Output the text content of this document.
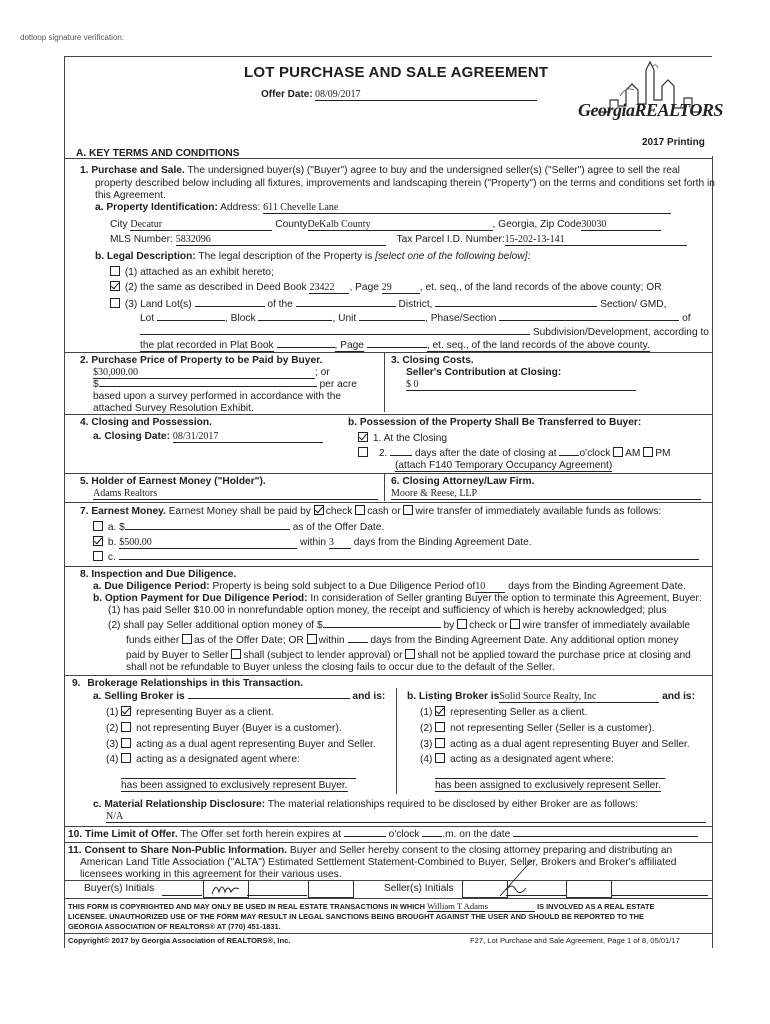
dotloop signature verification:
LOT PURCHASE AND SALE AGREEMENT
Offer Date: 08/09/2017
GeorgiaREALTORS
2017 Printing
A. KEY TERMS AND CONDITIONS
1. Purchase and Sale. The undersigned buyer(s) ("Buyer") agree to buy and the undersigned seller(s) ("Seller") agree to sell the real
property described below including all fixtures, improvements and landscaping therein ("Property") on the terms and conditions set forth in
this Agreement.
a. Property Identification: Address: 611 Chevelle Lane
City Decatur	CountyDeKalb County	, Georgia, Zip Code30030
MLS Number: 5832096	Tax Parcel I.D. Number:15-202-13-141
b. Legal Description: The legal description of the Property is [select one of the following below]:
(1) attached as an exhibit hereto;
(2) the same as described in Deed Book 23422 , Page 29	, et. seq., of the land records of the above county; OR
(3) Land Lot(s)	of the	District,	Section/ GMD,
Lot	, Block	, Unit	, Phase/Section	of
Subdivision/Development, according to
the plat recorded in Plat Book	, Page	, et. seq., of the land records of the above county.
2. Purchase Price of Property to be Paid by Buyer.
$30,000.00	; or
$	per acre
based upon a survey performed in accordance with the
attached Survey Resolution Exhibit.
3. Closing Costs.
Seller's Contribution at Closing:
$ 0
4. Closing and Possession.
a. Closing Date: 08/31/2017
b. Possession of the Property Shall Be Transferred to Buyer:
1. At the Closing
2.	days after the date of closing at o'clock AM PM
(attach F140 Temporary Occupancy Agreement)
5. Holder of Earnest Money ("Holder").
Adams Realtors
6. Closing Attorney/Law Firm.
Moore & Reese, LLP
7. Earnest Money. Earnest Money shall be paid by check cash or wire transfer of immediately available funds as follows:
a. $	as of the Offer Date.
b. $500.00	within 3 days from the Binding Agreement Date.
c.
8. Inspection and Due Diligence.
a. Due Diligence Period: Property is being sold subject to a Due Diligence Period of10 days from the Binding Agreement Date.
b. Option Payment for Due Diligence Period: In consideration of Seller granting Buyer the option to terminate this Agreement, Buyer:
(1) has paid Seller $10.00 in nonrefundable option money, the receipt and sufficiency of which is hereby acknowledged; plus
(2) shall pay Seller additional option money of $	by check or wire transfer of immediately available
funds either as of the Offer Date; OR within	days from the Binding Agreement Date. Any additional option money
paid by Buyer to Seller shall (subject to lender approval) or shall not be applied toward the purchase price at closing and
shall not be refundable to Buyer unless the closing fails to occur due to the default of the Seller.
9. Brokerage Relationships in this Transaction.
a. Selling Broker is	and is:
(1) representing Buyer as a client.
(2) not representing Buyer (Buyer is a customer).
(3) acting as a dual agent representing Buyer and Seller.
(4) acting as a designated agent where:
has been assigned to exclusively represent Buyer.
b. Listing Broker isSolid Source Realty, Inc	and is:
(1) representing Seller as a client.
(2) not representing Seller (Seller is a customer).
(3) acting as a dual agent representing Buyer and Seller.
(4) acting as a designated agent where:
has been assigned to exclusively represent Seller.
c. Material Relationship Disclosure: The material relationships required to be disclosed by either Broker are as follows:
N/A
10. Time Limit of Offer. The Offer set forth herein expires at	o'clock .m. on the date
11. Consent to Share Non-Public Information. Buyer and Seller hereby consent to the closing attorney preparing and distributing an
American Land Title Association ("ALTA") Estimated Settlement Statement-Combined to Buyer, Seller, Brokers and Broker's affiliated
licensees working in this agreement for their various uses.
Buyer(s) Initials	Seller(s) Initials
THIS FORM IS COPYRIGHTED AND MAY ONLY BE USED IN REAL ESTATE TRANSACTIONS IN WHICH William T Adams	IS INVOLVED AS A REAL ESTATE
LICENSEE. UNAUTHORIZED USE OF THE FORM MAY RESULT IN LEGAL SANCTIONS BEING BROUGHT AGAINST THE USER AND SHOULD BE REPORTED TO THE
GEORGIA ASSOCIATION OF REALTORS® AT (770) 451-1831.
Copyright© 2017 by Georgia Association of REALTORS®, Inc.	F27, Lot Purchase and Sale Agreement, Page 1 of 8, 05/01/17
